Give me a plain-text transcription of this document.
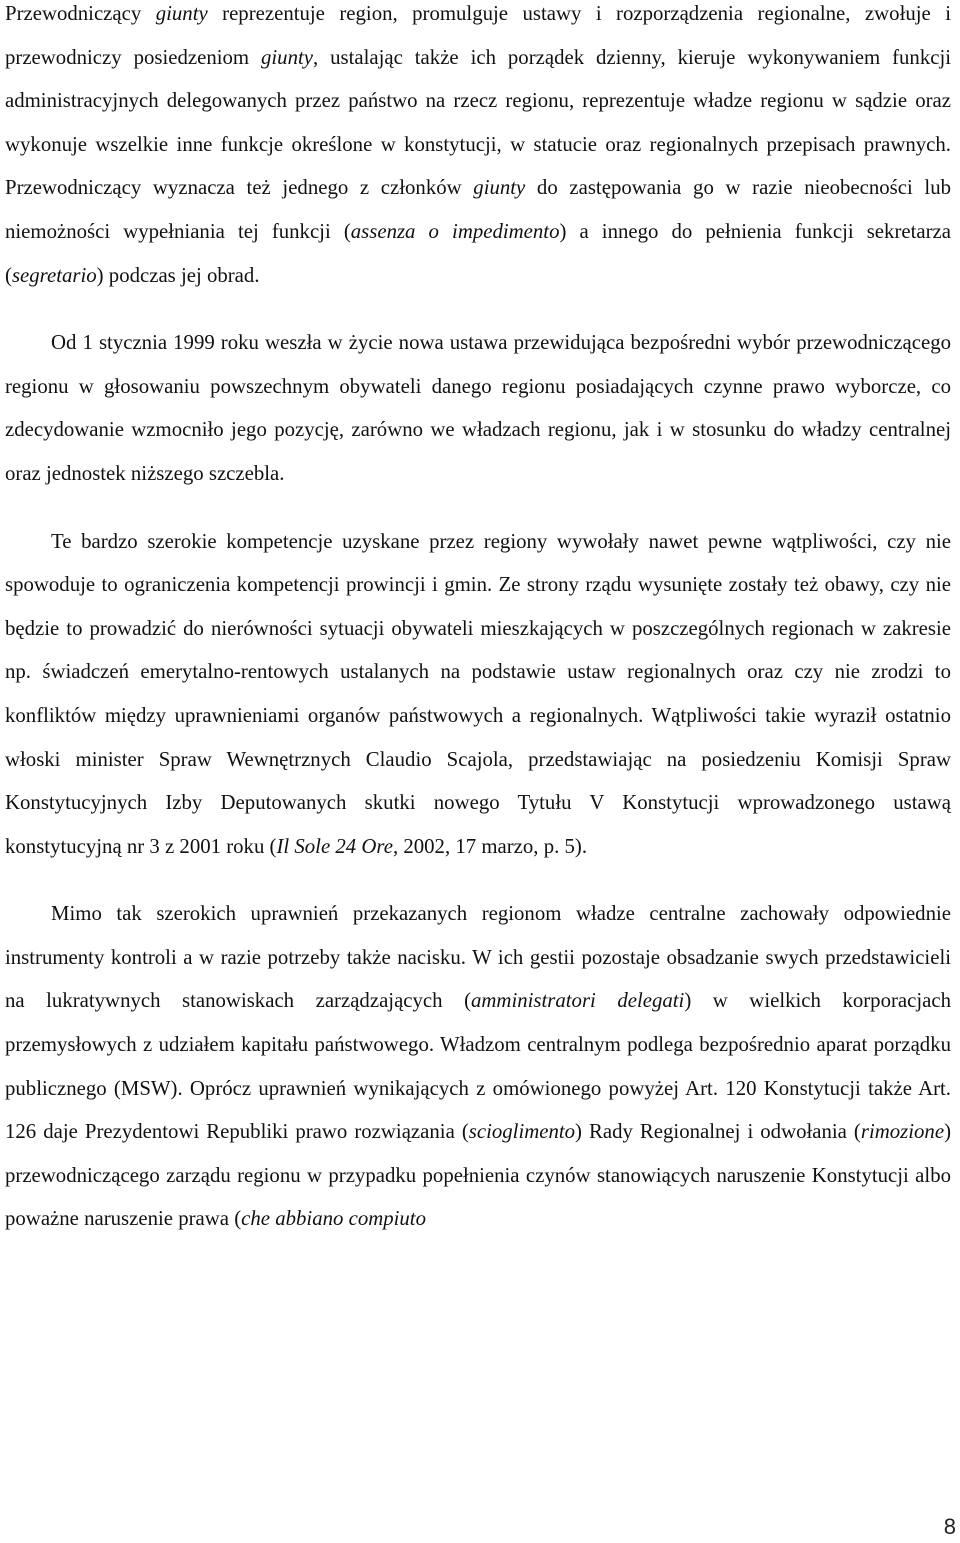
Przewodniczący giunty reprezentuje region, promulguje ustawy i rozporządzenia regionalne, zwołuje i przewodniczy posiedzeniom giunty, ustalając także ich porządek dzienny, kieruje wykonywaniem funkcji administracyjnych delegowanych przez państwo na rzecz regionu, reprezentuje władze regionu w sądzie oraz wykonuje wszelkie inne funkcje określone w konstytucji, w statucie oraz regionalnych przepisach prawnych. Przewodniczący wyznacza też jednego z członków giunty do zastępowania go w razie nieobecności lub niemożności wypełniania tej funkcji (assenza o impedimento) a innego do pełnienia funkcji sekretarza (segretario) podczas jej obrad.

Od 1 stycznia 1999 roku weszła w życie nowa ustawa przewidująca bezpośredni wybór przewodniczącego regionu w głosowaniu powszechnym obywateli danego regionu posiadających czynne prawo wyborcze, co zdecydowanie wzmocniło jego pozycję, zarówno we władzach regionu, jak i w stosunku do władzy centralnej oraz jednostek niższego szczebla.

Te bardzo szerokie kompetencje uzyskane przez regiony wywołały nawet pewne wątpliwości, czy nie spowoduje to ograniczenia kompetencji prowincji i gmin. Ze strony rządu wysunięte zostały też obawy, czy nie będzie to prowadzić do nierówności sytuacji obywateli mieszkających w poszczególnych regionach w zakresie np. świadczeń emerytalno-rentowych ustalanych na podstawie ustaw regionalnych oraz czy nie zrodzi to konfliktów między uprawnieniami organów państwowych a regionalnych. Wątpliwości takie wyraził ostatnio włoski minister Spraw Wewnętrznych Claudio Scajola, przedstawiając na posiedzeniu Komisji Spraw Konstytucyjnych Izby Deputowanych skutki nowego Tytułu V Konstytucji wprowadzonego ustawą konstytucyjną nr 3 z 2001 roku (Il Sole 24 Ore, 2002, 17 marzo, p. 5).

Mimo tak szerokich uprawnień przekazanych regionom władze centralne zachowały odpowiednie instrumenty kontroli a w razie potrzeby także nacisku. W ich gestii pozostaje obsadzanie swych przedstawicieli na lukratywnych stanowiskach zarządzających (amministratori delegati) w wielkich korporacjach przemysłowych z udziałem kapitału państwowego. Władzom centralnym podlega bezpośrednio aparat porządku publicznego (MSW). Oprócz uprawnień wynikających z omówionego powyżej Art. 120 Konstytucji także Art. 126 daje Prezydentowi Republiki prawo rozwiązania (scioglimento) Rady Regionalnej i odwołania (rimozione) przewodniczącego zarządu regionu w przypadku popełnienia czynów stanowiących naruszenie Konstytucji albo poważne naruszenie prawa (che abbiano compiuto

8
